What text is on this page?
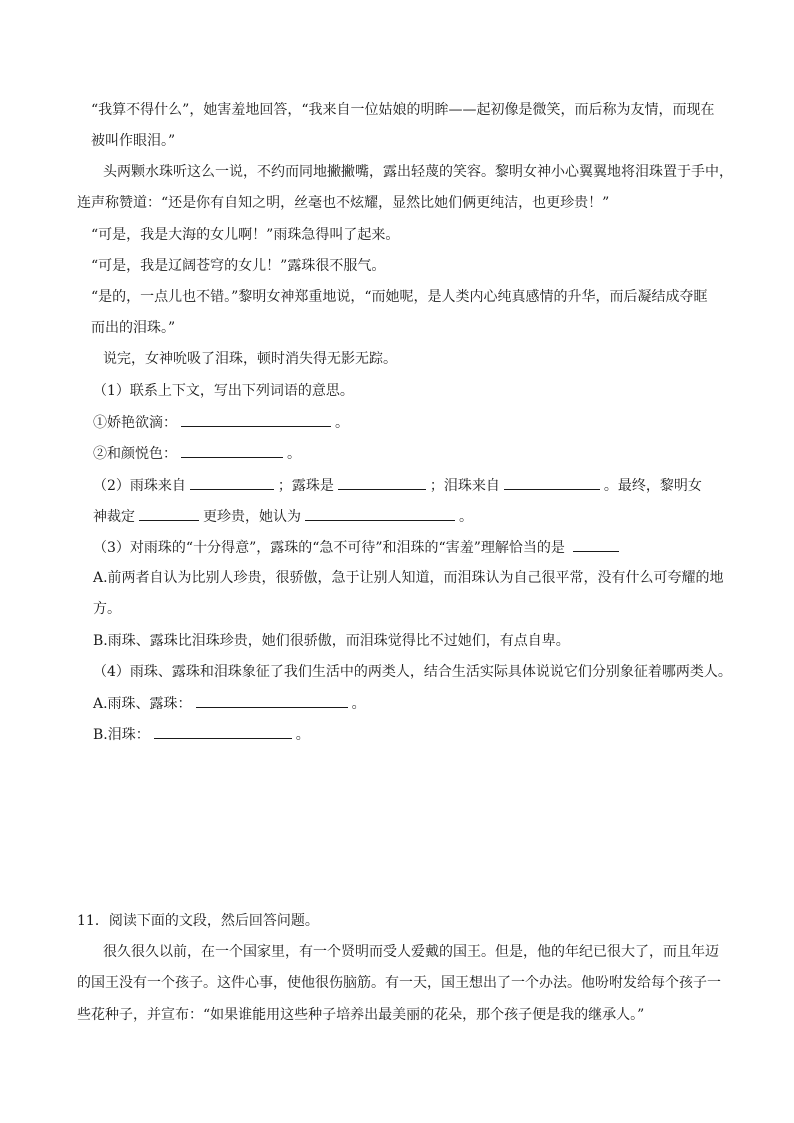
“我算不得什么”，她害羞地回答，“我来自一位姑娘的明眸——起初像是微笑，而后称为友情，而现在
被叫作眼泪。”
头两颗水珠听这么一说，不约而同地撇撇嘴，露出轻蔑的笑容。黎明女神小心翼翼地将泪珠置于手中，
连声称赞道：“还是你有自知之明，丝毫也不炫耀，显然比她们俩更纯洁，也更珍贵！”
“可是，我是大海的女儿啊！”雨珠急得叫了起来。
“可是，我是辽阔苍穹的女儿！”露珠很不服气。
“是的，一点儿也不错。”黎明女神郑重地说，“而她呢，是人类内心纯真感情的升华，而后凝结成夺眶
而出的泪珠。”
说完，女神吮吸了泪珠，顿时消失得无影无踪。
（1）联系上下文，写出下列词语的意思。
①娇艳欲滴：	。
②和颜悦色：	。
（2）雨珠来自	；露珠是	；泪珠来自	。最终，黎明女
神裁定	更珍贵，她认为	。
（3）对雨珠的“十分得意”，露珠的“急不可待”和泪珠的“害羞”理解恰当的是
A.前两者自认为比别人珍贵，很骄傲，急于让别人知道，而泪珠认为自己很平常，没有什么可夸耀的地
方。
B.雨珠、露珠比泪珠珍贵，她们很骄傲，而泪珠觉得比不过她们，有点自卑。
（4）雨珠、露珠和泪珠象征了我们生活中的两类人，结合生活实际具体说说它们分别象征着哪两类人。
A.雨珠、露珠：	。
B.泪珠：	。
11．阅读下面的文段，然后回答问题。
很久很久以前，在一个国家里，有一个贤明而受人爱戴的国王。但是，他的年纪已很大了，而且年迈
的国王没有一个孩子。这件心事，使他很伤脑筋。有一天，国王想出了一个办法。他吩咐发给每个孩子一
些花种子，并宣布：“如果谁能用这些种子培养出最美丽的花朵，那个孩子便是我的继承人。”
